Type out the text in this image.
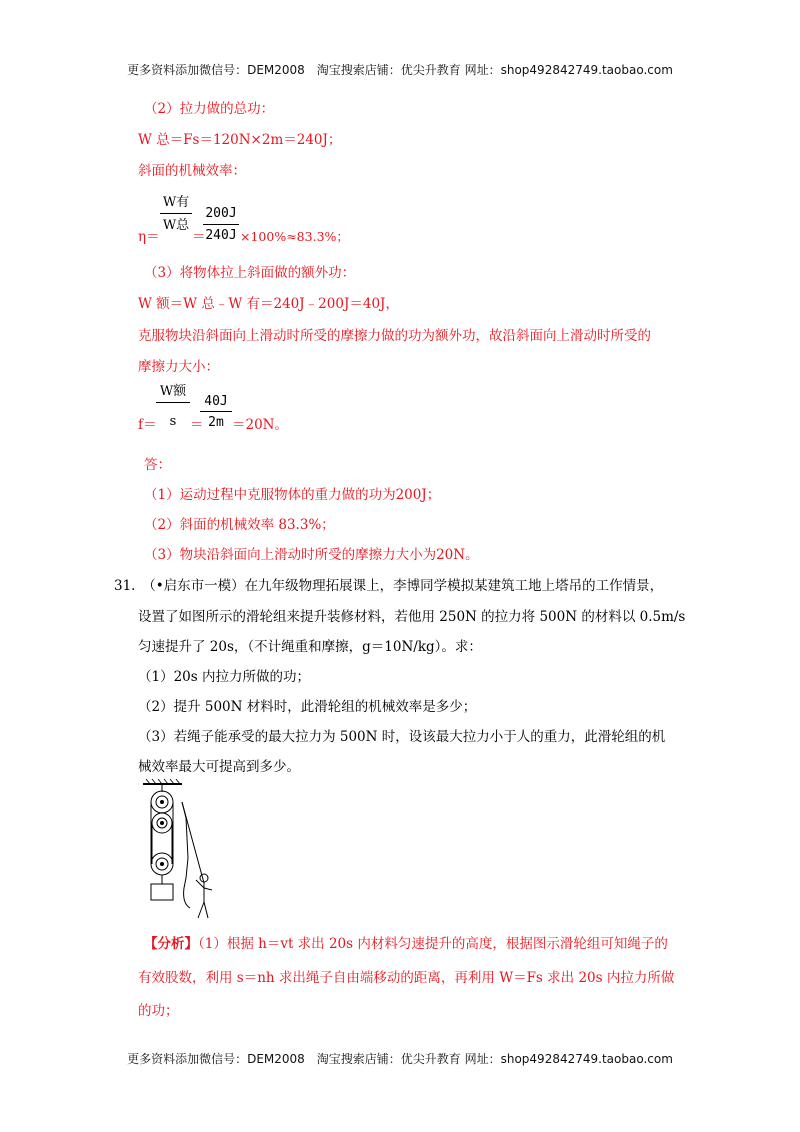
更多资料添加微信号：DEM2008　淘宝搜索店铺：优尖升教育 网址：shop492842749.taobao.com
（2）拉力做的总功：
W 总＝Fs＝120N×2m＝240J；
斜面的机械效率：
η＝
W有
W总
＝
200J
240J ×100%≈83.3%；
（3）将物体拉上斜面做的额外功：
W 额＝W 总﹣W 有＝240J﹣200J＝40J，
克服物块沿斜面向上滑动时所受的摩擦力做的功为额外功，故沿斜面向上滑动时所受的
摩擦力大小：
f＝
W额
s	＝
40J
2m ＝20N。
答：
（1）运动过程中克服物体的重力做的功为200J；
（2）斜面的机械效率 83.3%；
（3）物块沿斜面向上滑动时所受的摩擦力大小为20N。
31.　（•启东市一模）在九年级物理拓展课上，李博同学模拟某建筑工地上塔吊的工作情景，
设置了如图所示的滑轮组来提升装修材料，若他用 250N 的拉力将 500N 的材料以 0.5m/s
匀速提升了 20s，（不计绳重和摩擦，g＝10N/kg）。求：
（1）20s 内拉力所做的功；
（2）提升 500N 材料时，此滑轮组的机械效率是多少；
（3）若绳子能承受的最大拉力为 500N 时，设该最大拉力小于人的重力，此滑轮组的机
械效率最大可提高到多少。
【分析】（1）根据 h＝vt 求出 20s 内材料匀速提升的高度，根据图示滑轮组可知绳子的
有效股数，利用 s＝nh 求出绳子自由端移动的距离，再利用 W＝Fs 求出 20s 内拉力所做
的功；
更多资料添加微信号：DEM2008　淘宝搜索店铺：优尖升教育 网址：shop492842749.taobao.com
